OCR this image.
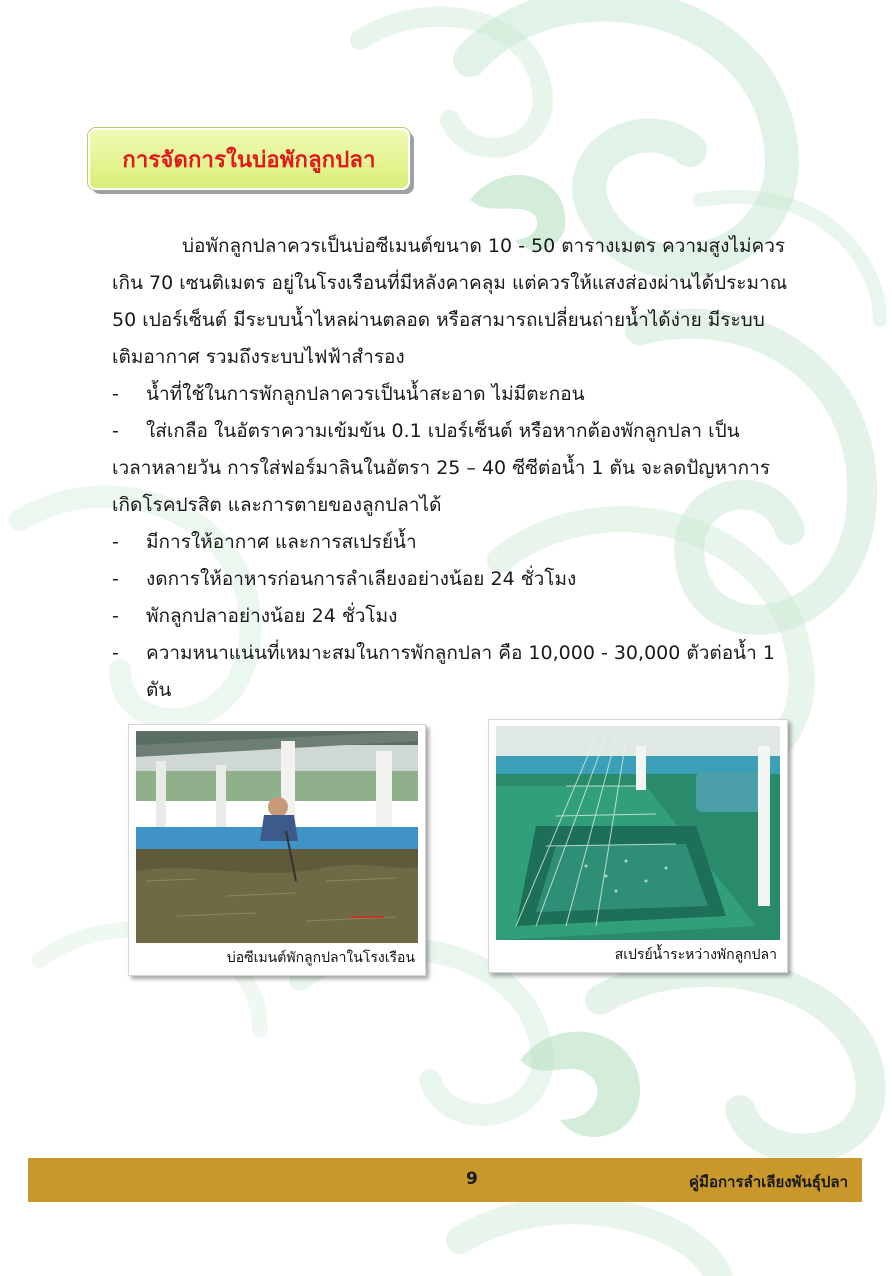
การจัดการในบ่อพักลูกปลา

บ่อพักลูกปลาควรเป็นบ่อซีเมนต์ขนาด 10 - 50 ตารางเมตร ความสูงไม่ควรเกิน 70 เซนติเมตร อยู่ในโรงเรือนที่มีหลังคาคลุม แต่ควรให้แสงส่องผ่านได้ประมาณ 50 เปอร์เซ็นต์ มีระบบน้ำไหลผ่านตลอด หรือสามารถเปลี่ยนถ่ายน้ำได้ง่าย มีระบบเติมอากาศ รวมถึงระบบไฟฟ้าสำรอง

-	น้ำที่ใช้ในการพักลูกปลาควรเป็นน้ำสะอาด ไม่มีตะกอน
-	ใส่เกลือ ในอัตราความเข้มข้น 0.1 เปอร์เซ็นต์ หรือหากต้องพักลูกปลา เป็น

เวลาหลายวัน การใส่ฟอร์มาลินในอัตรา 25 – 40 ซีซีต่อน้ำ 1 ตัน จะลดปัญหาการเกิดโรคปรสิต และการตายของลูกปลาได้

-	มีการให้อากาศ และการสเปรย์น้ำ
-	งดการให้อาหารก่อนการลำเลียงอย่างน้อย 24 ชั่วโมง
-	พักลูกปลาอย่างน้อย 24 ชั่วโมง
-	ความหนาแน่นที่เหมาะสมในการพักลูกปลา คือ 10,000 - 30,000 ตัวต่อน้ำ 1 ตัน
บ่อซีเมนต์พักลูกปลาในโรงเรือน	สเปรย์น้ำระหว่างพักลูกปลา
9	คู่มือการลำเลียงพันธุ์ปลา
